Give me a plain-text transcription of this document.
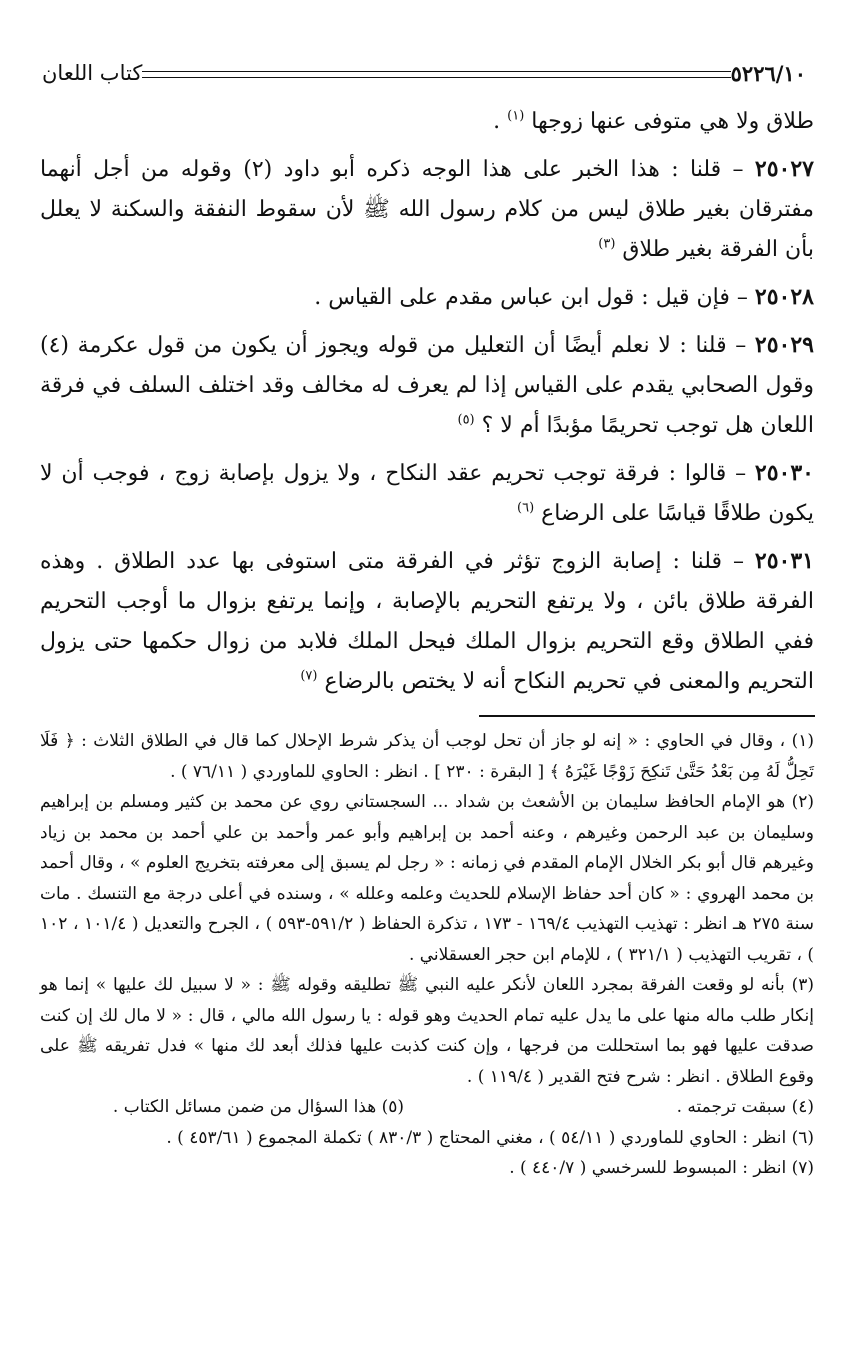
٥٢٢٦/١٠
كتاب اللعان

طلاق ولا هي متوفى عنها زوجها $^{(١)}$ .

٢٥٠٢٧ – قلنا : هذا الخبر على هذا الوجه ذكره أبو داود (٢) وقوله من أجل أنهما مفترقان بغير طلاق ليس من كلام رسول الله ﷺ لأن سقوط النفقة والسكنة لا يعلل بأن الفرقة بغير طلاق $^{(٣)}$

٢٥٠٢٨ – فإن قيل : قول ابن عباس مقدم على القياس .

٢٥٠٢٩ – قلنا : لا نعلم أيضًا أن التعليل من قوله ويجوز أن يكون من قول عكرمة (٤) وقول الصحابي يقدم على القياس إذا لم يعرف له مخالف وقد اختلف السلف في فرقة اللعان هل توجب تحريمًا مؤبدًا أم لا ؟ $^{(٥)}$

٢٥٠٣٠ – قالوا : فرقة توجب تحريم عقد النكاح ، ولا يزول بإصابة زوج ، فوجب أن لا يكون طلاقًا قياسًا على الرضاع $^{(٦)}$

٢٥٠٣١ – قلنا : إصابة الزوج تؤثر في الفرقة متى استوفى بها عدد الطلاق . وهذه الفرقة طلاق بائن ، ولا يرتفع التحريم بالإصابة ، وإنما يرتفع بزوال ما أوجب التحريم ففي الطلاق وقع التحريم بزوال الملك فيحل الملك فلابد من زوال حكمها حتى يزول التحريم والمعنى في تحريم النكاح أنه لا يختص بالرضاع $^{(٧)}$

(١) ، وقال في الحاوي : « إنه لو جاز أن تحل لوجب أن يذكر شرط الإحلال كما قال في الطلاق الثلاث : ﴿ فَلَا تَحِلُّ لَهُ مِن بَعْدُ حَتَّىٰ تَنكِحَ زَوْجًا غَيْرَهُ ﴾ [ البقرة : ٢٣٠ ] . انظر : الحاوي للماوردي ( ٧٦/١١ ) .

(٢) هو الإمام الحافظ سليمان بن الأشعث بن شداد ... السجستاني روي عن محمد بن كثير ومسلم بن إبراهيم وسليمان بن عبد الرحمن وغيرهم ، وعنه أحمد بن إبراهيم وأبو عمر وأحمد بن علي أحمد بن محمد بن زياد وغيرهم قال أبو بكر الخلال الإمام المقدم في زمانه : « رجل لم يسبق إلى معرفته بتخريج العلوم » ، وقال أحمد بن محمد الهروي : « كان أحد حفاظ الإسلام للحديث وعلمه وعلله » ، وسنده في أعلى درجة مع التنسك . مات سنة ٢٧٥ هـ انظر : تهذيب التهذيب ١٦٩/٤ - ١٧٣ ، تذكرة الحفاظ ( ٥٩١/٢-٥٩٣ ) ، الجرح والتعديل ( ١٠١/٤ ، ١٠٢ ) ، تقريب التهذيب ( ٣٢١/١ ) ، للإمام ابن حجر العسقلاني .

(٣) بأنه لو وقعت الفرقة بمجرد اللعان لأنكر عليه النبي ﷺ تطليقه وقوله ﷺ : « لا سبيل لك عليها » إنما هو إنكار طلب ماله منها على ما يدل عليه تمام الحديث وهو قوله : يا رسول الله مالي ، قال : « لا مال لك إن كنت صدقت عليها فهو بما استحللت من فرجها ، وإن كنت كذبت عليها فذلك أبعد لك منها » فدل تفريقه ﷺ على وقوع الطلاق . انظر : شرح فتح القدير ( ١١٩/٤ ) .

(٤) سبقت ترجمته .
(٥) هذا السؤال من ضمن مسائل الكتاب .

(٦) انظر : الحاوي للماوردي ( ٥٤/١١ ) ، مغني المحتاج ( ٨٣٠/٣ ) تكملة المجموع ( ٤٥٣/٦١ ) .

(٧) انظر : المبسوط للسرخسي ( ٤٤٠/٧ ) .
